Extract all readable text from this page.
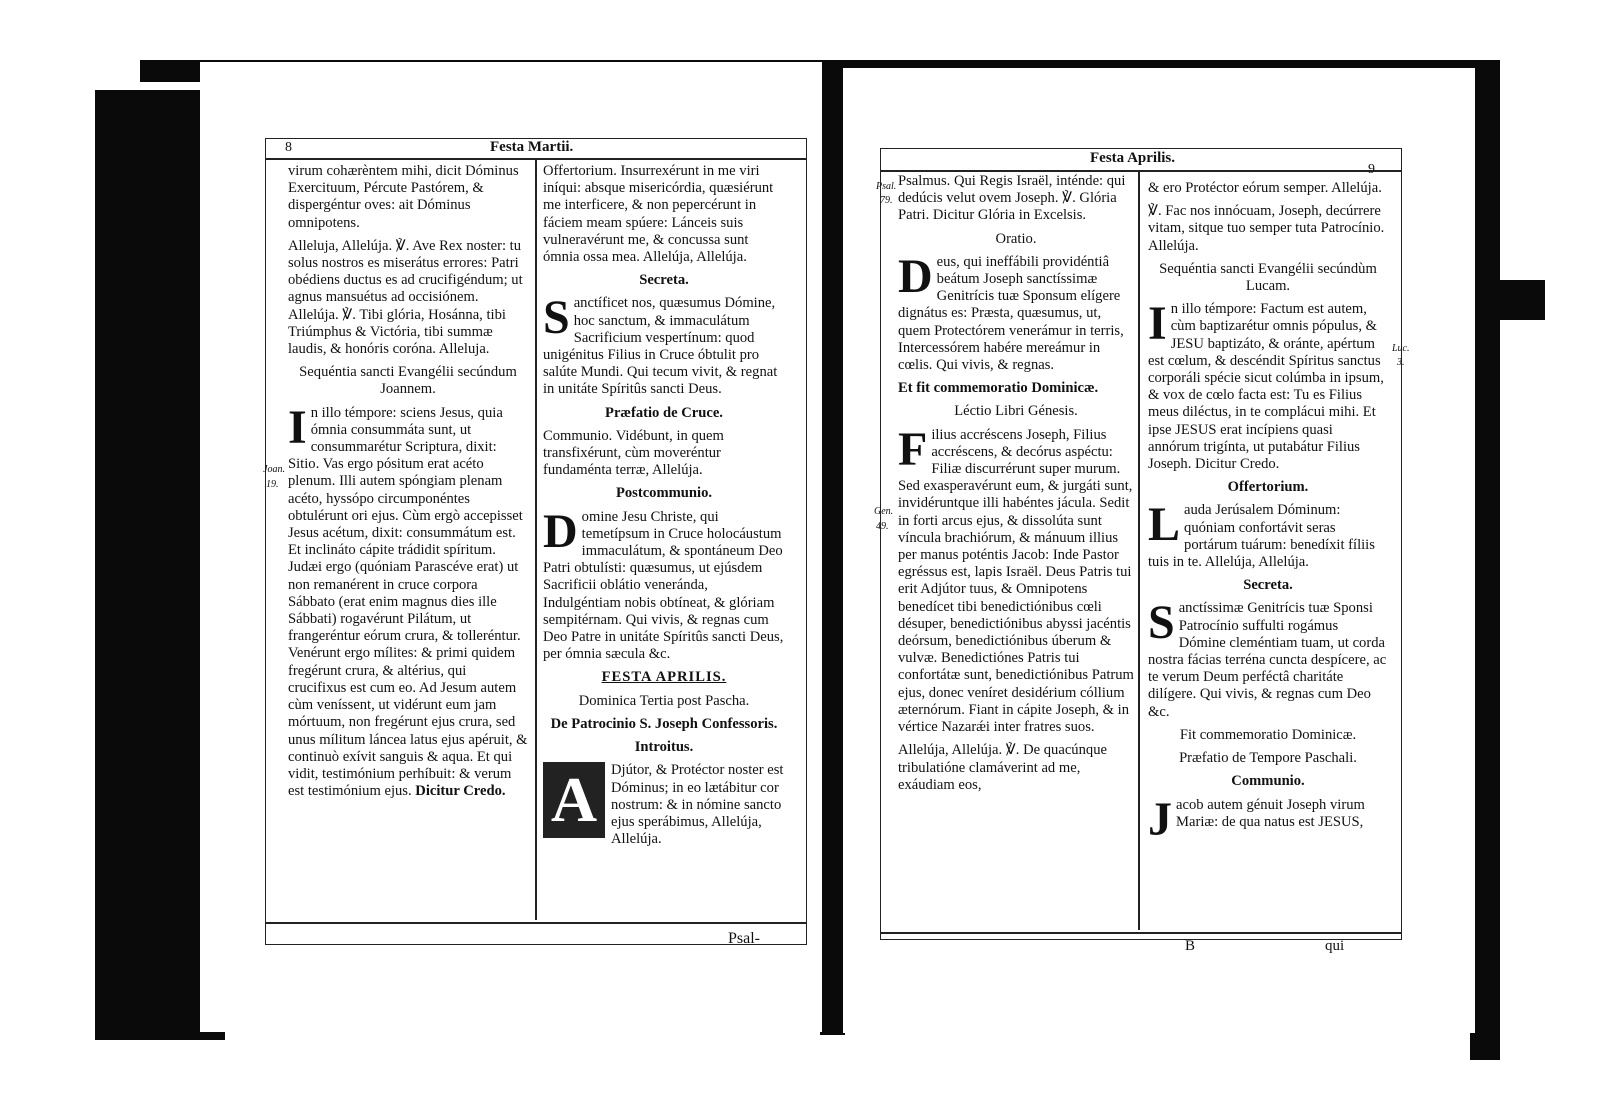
8	Festa Martii.
Psal-
Joan.
19.

virum cohærèntem mihi, dicit Dóminus Exercituum, Pércute Pastórem, & dispergéntur oves: ait Dóminus omnipotens.

Alleluja, Allelúja. ℣. Ave Rex noster: tu solus nostros es miserátus errores: Patri obédiens ductus es ad crucifigéndum; ut agnus mansuétus ad occisiónem. Allelúja. ℣. Tibi glória, Hosánna, tibi Triúmphus & Victória, tibi summæ laudis, & honóris coróna. Alleluja.

Sequéntia sancti Evangélii secúndum Joannem.

In illo témpore: sciens Jesus, quia ómnia consummáta sunt, ut consummarétur Scriptura, dixit: Sitio. Vas ergo pósitum erat acéto plenum. Illi autem spóngiam plenam acéto, hyssópo circumponéntes obtulérunt ori ejus. Cùm ergò accepisset Jesus acétum, dixit: consummátum est. Et inclináto cápite trádidit spíritum. Judæi ergo (quóniam Parascéve erat) ut non remanérent in cruce corpora Sábbato (erat enim magnus dies ille Sábbati) rogavérunt Pilátum, ut frangeréntur eórum crura, & tolleréntur. Venérunt ergo mílites: & primi quidem fregérunt crura, & altérius, qui crucifixus est cum eo. Ad Jesum autem cùm veníssent, ut vidérunt eum jam mórtuum, non fregérunt ejus crura, sed unus mílitum láncea latus ejus apéruit, & continuò exívit sanguis & aqua. Et qui vidit, testimónium perhíbuit: & verum est testimónium ejus. Dicitur Credo.

Offertorium. Insurrexérunt in me viri iníqui: absque misericórdia, quæsiérunt me interficere, & non pepercérunt in fáciem meam spúere: Lánceis suis vulneravérunt me, & concussa sunt ómnia ossa mea. Allelúja, Allelúja.

Secreta.

Sanctíficet nos, quæsumus Dómine, hoc sanctum, & immaculátum Sacrificium vespertínum: quod unigénitus Filius in Cruce óbtulit pro salúte Mundi. Qui tecum vivit, & regnat in unitáte Spíritûs sancti Deus.

Præfatio de Cruce.

Communio. Vidébunt, in quem transfixérunt, cùm moveréntur fundaménta terræ, Allelúja.

Postcommunio.

Domine Jesu Christe, qui temetípsum in Cruce holocáustum immaculátum, & spontáneum Deo Patri obtulísti: quæsumus, ut ejúsdem Sacrificii oblátio veneránda, Indulgéntiam nobis obtíneat, & glóriam sempitérnam. Qui vivis, & regnas cum Deo Patre in unitáte Spíritûs sancti Deus, per ómnia sæcula &c.

FESTA APRILIS.

Dominica Tertia post Pascha.

De Patrocinio S. Joseph Confessoris.

Introitus.

A Djútor, & Protéctor noster est Dóminus; in eo lætábitur cor nostrum: & in nómine sancto ejus sperábimus, Allelúja, Allelúja.

9
Festa Aprilis.
B	qui
Psal.
79.
Gen.
49.
Luc.
3.

Psalmus. Qui Regis Israël, inténde: qui dedúcis velut ovem Joseph. ℣. Glória Patri. Dicitur Glória in Excelsis.

Oratio.

Deus, qui ineffábili providéntiâ beátum Joseph sanctíssimæ Genitrícis tuæ Sponsum elígere dignátus es: Præsta, quæsumus, ut, quem Protectórem venerámur in terris, Intercessórem habére mereámur in cœlis. Qui vivis, & regnas.

Et fit commemoratio Dominicæ.

Léctio Libri Génesis.

Filius accréscens Joseph, Filius accréscens, & decórus aspéctu: Filiæ discurrérunt super murum. Sed exasperavérunt eum, & jurgáti sunt, invidéruntque illi habéntes jácula. Sedit in forti arcus ejus, & dissolúta sunt víncula brachiórum, & mánuum illius per manus poténtis Jacob: Inde Pastor egréssus est, lapis Israël. Deus Patris tui erit Adjútor tuus, & Omnipotens benedícet tibi benedictiónibus cœli désuper, benedictiónibus abyssi jacéntis deórsum, benedictiónibus úberum & vulvæ. Benedictiónes Patris tui confortátæ sunt, benedictiónibus Patrum ejus, donec veníret desidérium cóllium æternórum. Fiant in cápite Joseph, & in vértice Nazarǽi inter fratres suos.

Allelúja, Allelúja. ℣. De quacúnque tribulatióne clamáverint ad me, exáudiam eos,

& ero Protéctor eórum semper. Allelúja.

℣. Fac nos innócuam, Joseph, decúrrere vitam, sitque tuo semper tuta Patrocínio. Allelúja.

Sequéntia sancti Evangélii secúndùm Lucam.

In illo témpore: Factum est autem, cùm baptizarétur omnis pópulus, & JESU baptizáto, & oránte, apértum est cœlum, & descéndit Spíritus sanctus corporáli spécie sicut colúmba in ipsum, & vox de cœlo facta est: Tu es Filius meus diléctus, in te complácui mihi. Et ipse JESUS erat incípiens quasi annórum trigínta, ut putabátur Filius Joseph. Dicitur Credo.

Offertorium.

Lauda Jerúsalem Dóminum: quóniam confortávit seras portárum tuárum: benedíxit fíliis tuis in te. Allelúja, Allelúja.

Secreta.

Sanctíssimæ Genitrícis tuæ Sponsi Patrocínio suffulti rogámus Dómine cleméntiam tuam, ut corda nostra fácias terréna cuncta despícere, ac te verum Deum perféctâ charitáte dilígere. Qui vivis, & regnas cum Deo &c.

Fit commemoratio Dominicæ.

Præfatio de Tempore Paschali.

Communio.

Jacob autem génuit Joseph virum Mariæ: de qua natus est JESUS,
